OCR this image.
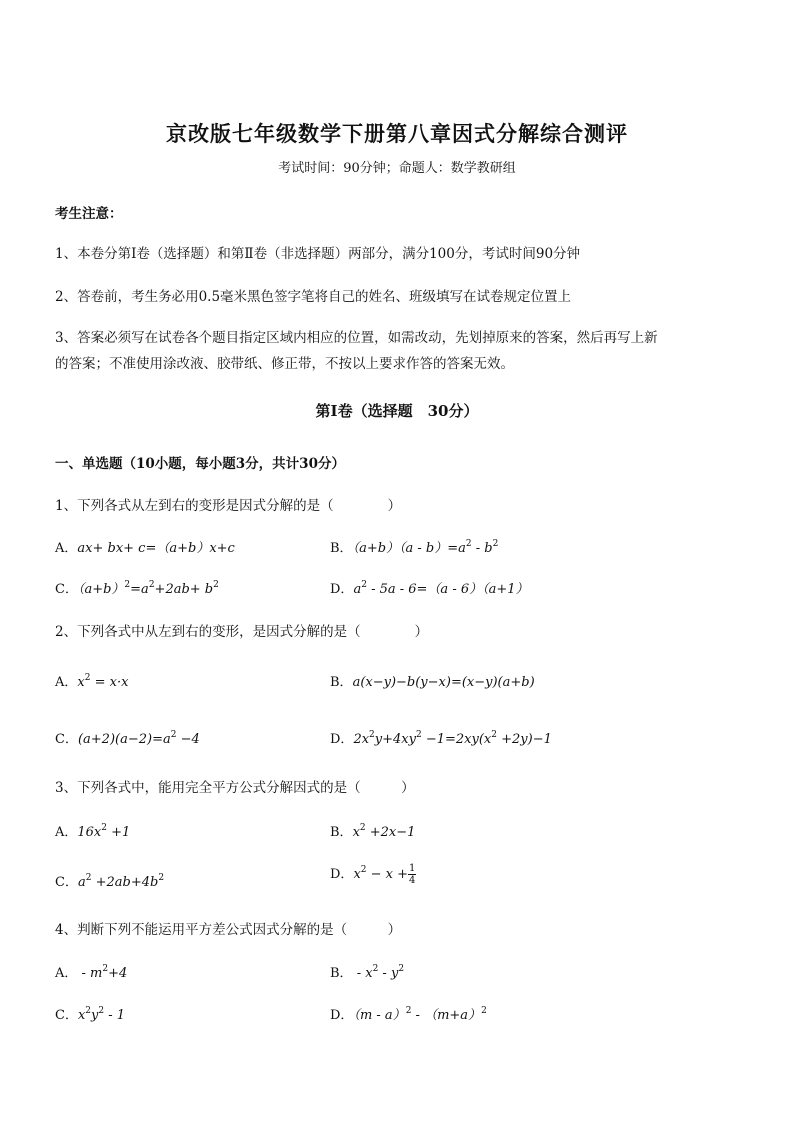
京改版七年级数学下册第八章因式分解综合测评
考试时间：90分钟；命题人：数学教研组
考生注意：
1、本卷分第Ⅰ卷（选择题）和第Ⅱ卷（非选择题）两部分，满分100分，考试时间90分钟
2、答卷前，考生务必用0.5毫米黑色签字笔将自己的姓名、班级填写在试卷规定位置上
3、答案必须写在试卷各个题目指定区域内相应的位置，如需改动，先划掉原来的答案，然后再写上新
的答案；不准使用涂改液、胶带纸、修正带，不按以上要求作答的答案无效。
第Ⅰ卷（选择题　30分）
一、单选题（10小题，每小题3分，共计30分）
1、下列各式从左到右的变形是因式分解的是（　　　　）
A．ax+ bx+ c=（a+b）x+c	B．$(a+b)(a - b)=a^2 - b^2$
C．$(a+b)^2=a^2+2ab+ b^2$	D．$a^2 - 5a - 6=(a - 6)(a+1)$
2、下列各式中从左到右的变形，是因式分解的是（　　　　）
A．$x^2 = x\cdot x$	B．a(x−y)−b(y−x)=(x−y)(a+b)
C．$(a+2)(a-2)=a^2 -4$	D．$2x^2y+4xy^2 -1=2xy(x^2 +2y)-1$
3、下列各式中，能用完全平方公式分解因式的是（　　　）
A．$16x^2 +1$	B．$x^2 +2x-1$
C．$a^2 +2ab+4b^2$	D．$x^2 - x + \frac{1}{4}$
4、判断下列不能运用平方差公式因式分解的是（　　　）
A． - $m^2+4$	B． - $x^2 - y^2$
C．$x^2y^2 - 1$	D．$(m - a)^2 - (m+a)^2$
